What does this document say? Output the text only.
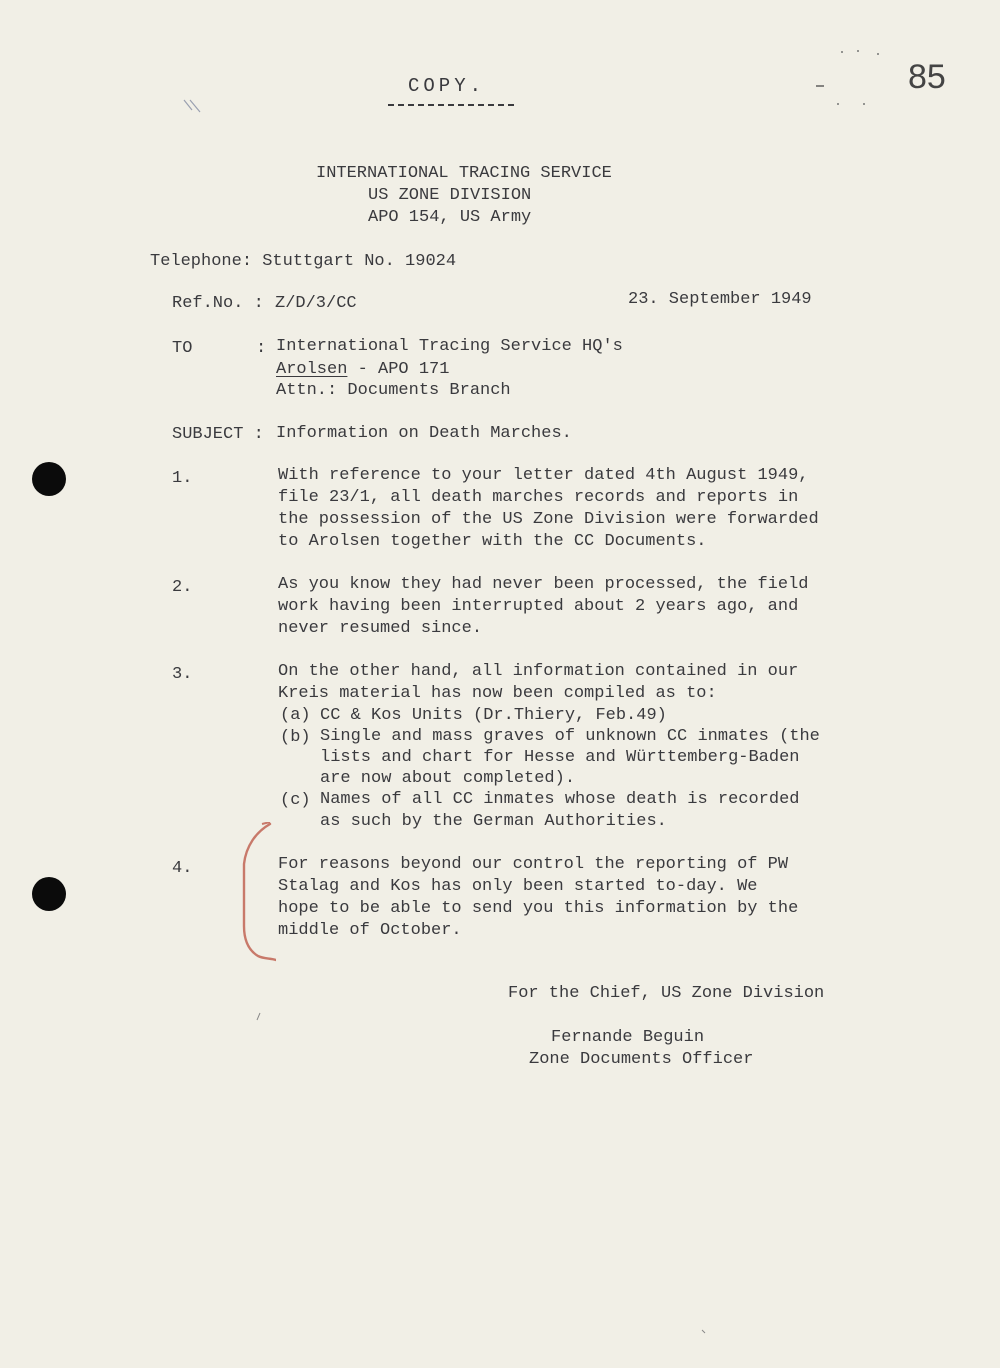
COPY.	85
INTERNATIONAL TRACING SERVICE
US ZONE DIVISION
APO 154, US Army
Telephone: Stuttgart No. 19024
Ref.No. : Z/D/3/CC	23. September 1949
TO	: International Tracing Service HQ's
Arolsen - APO 171
Attn.: Documents Branch
SUBJECT : Information on Death Marches.
1.	With reference to your letter dated 4th August 1949,
file 23/1, all death marches records and reports in
the possession of the US Zone Division were forwarded
to Arolsen together with the CC Documents.
2.	As you know they had never been processed, the field
work having been interrupted about 2 years ago, and
never resumed since.
3.	On the other hand, all information contained in our
Kreis material has now been compiled as to:
(a) CC & Kos Units (Dr.Thiery, Feb.49)
(b) Single and mass graves of unknown CC inmates (the
lists and chart for Hesse and Württemberg-Baden
are now about completed).
(c) Names of all CC inmates whose death is recorded
as such by the German Authorities.
4.	For reasons beyond our control the reporting of PW
Stalag and Kos has only been started to-day. We
hope to be able to send you this information by the
middle of October.
For the Chief, US Zone Division
Fernande Beguin
Zone Documents Officer
